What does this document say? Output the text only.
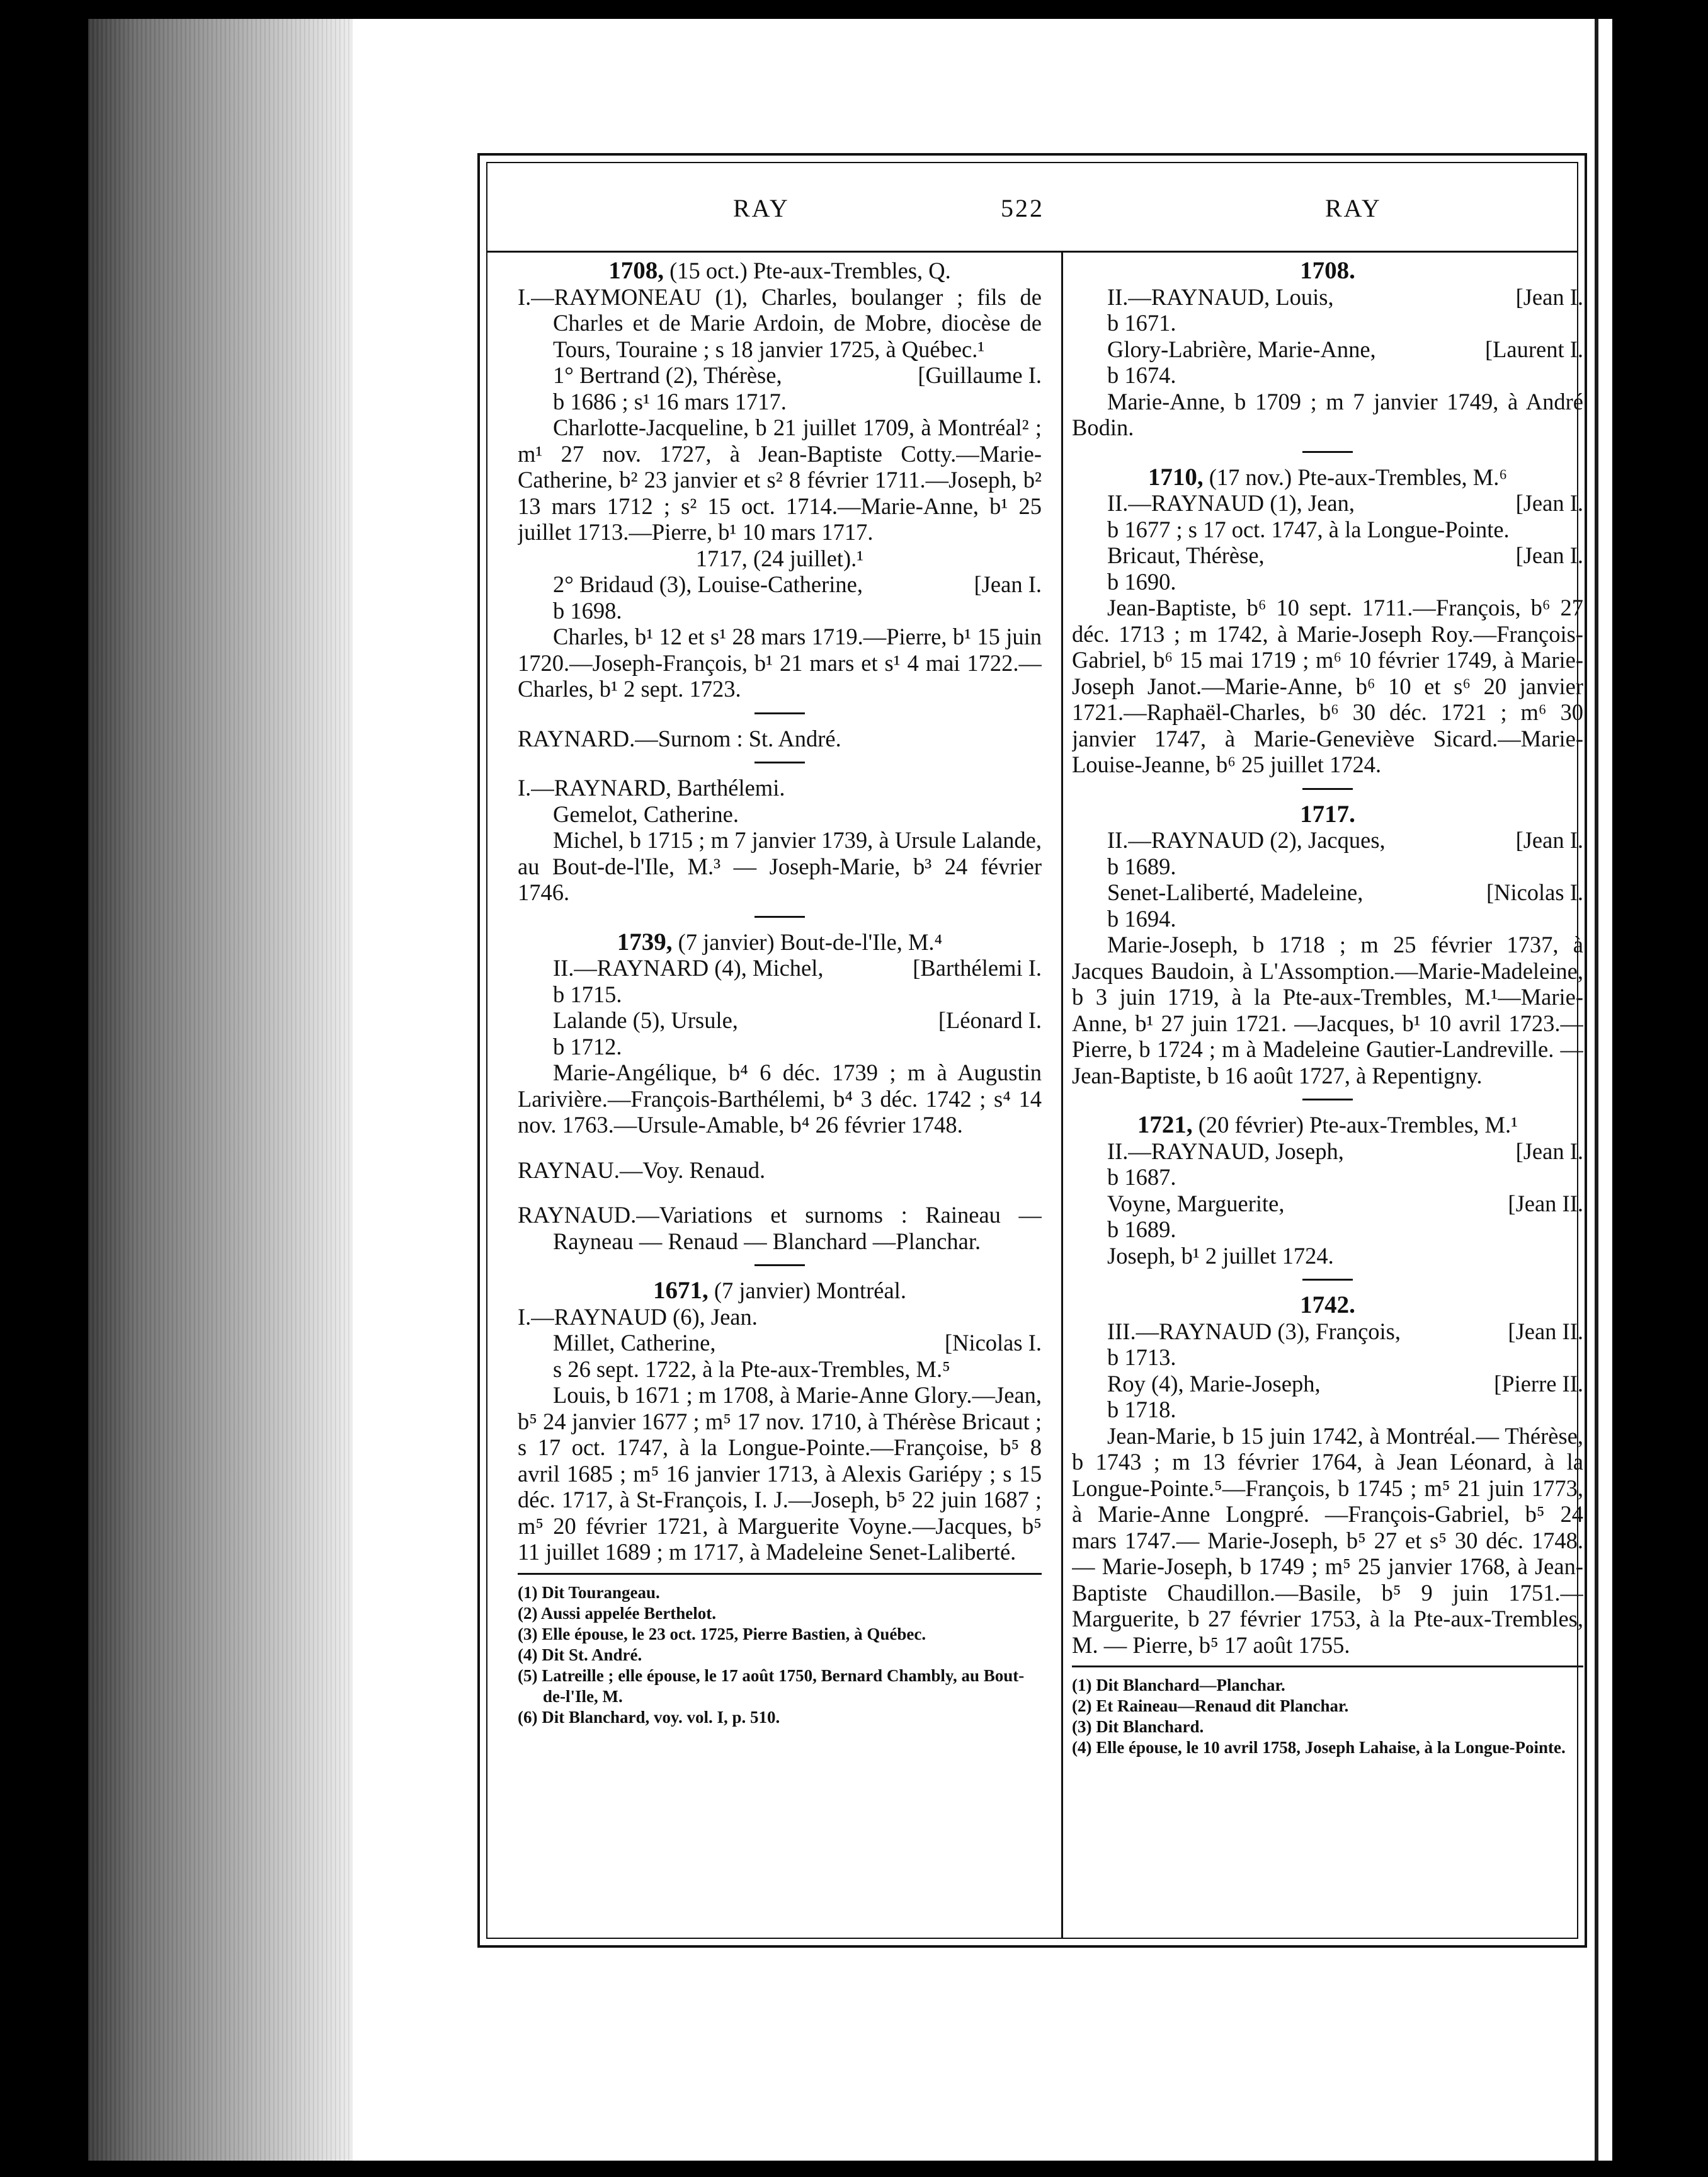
RAY	522	RAY

1708, (15 oct.) Pte-aux-Trembles, Q.

I.—RAYMONEAU (1), Charles, boulanger ; fils de Charles et de Marie Ardoin, de Mobre, diocèse de Tours, Touraine ; s 18 janvier 1725, à Québec.¹

[Guillaume I.
1° Bertrand (2), Thérèse,

b 1686 ; s¹ 16 mars 1717.

Charlotte-Jacqueline, b 21 juillet 1709, à Montréal² ; m¹ 27 nov. 1727, à Jean-Baptiste Cotty.—Marie-Catherine, b² 23 janvier et s² 8 février 1711.—Joseph, b² 13 mars 1712 ; s² 15 oct. 1714.—Marie-Anne, b¹ 25 juillet 1713.—Pierre, b¹ 10 mars 1717.

1717, (24 juillet).¹

[Jean I.
2° Bridaud (3), Louise-Catherine,

b 1698.

Charles, b¹ 12 et s¹ 28 mars 1719.—Pierre, b¹ 15 juin 1720.—Joseph-François, b¹ 21 mars et s¹ 4 mai 1722.—Charles, b¹ 2 sept. 1723.

RAYNARD.—Surnom : St. André.

I.—RAYNARD, Barthélemi.

Gemelot, Catherine.

Michel, b 1715 ; m 7 janvier 1739, à Ursule Lalande, au Bout-de-l'Ile, M.³ — Joseph-Marie, b³ 24 février 1746.

1739, (7 janvier) Bout-de-l'Ile, M.⁴

[Barthélemi I.
II.—RAYNARD (4), Michel,

b 1715.

[Léonard I.
Lalande (5), Ursule,

b 1712.

Marie-Angélique, b⁴ 6 déc. 1739 ; m à Augustin Larivière.—François-Barthélemi, b⁴ 3 déc. 1742 ; s⁴ 14 nov. 1763.—Ursule-Amable, b⁴ 26 février 1748.

RAYNAU.—Voy. Renaud.

RAYNAUD.—Variations et surnoms : Raineau —Rayneau — Renaud — Blanchard —Planchar.

1671, (7 janvier) Montréal.

I.—RAYNAUD (6), Jean.

[Nicolas I.
Millet, Catherine,

s 26 sept. 1722, à la Pte-aux-Trembles, M.⁵

Louis, b 1671 ; m 1708, à Marie-Anne Glory.—Jean, b⁵ 24 janvier 1677 ; m⁵ 17 nov. 1710, à Thérèse Bricaut ; s 17 oct. 1747, à la Longue-Pointe.—Françoise, b⁵ 8 avril 1685 ; m⁵ 16 janvier 1713, à Alexis Gariépy ; s 15 déc. 1717, à St-François, I. J.—Joseph, b⁵ 22 juin 1687 ; m⁵ 20 février 1721, à Marguerite Voyne.—Jacques, b⁵ 11 juillet 1689 ; m 1717, à Madeleine Senet-Laliberté.

(1) Dit Tourangeau.

(2) Aussi appelée Berthelot.

(3) Elle épouse, le 23 oct. 1725, Pierre Bastien, à Québec.

(4) Dit St. André.

(5) Latreille ; elle épouse, le 17 août 1750, Bernard Chambly, au Bout-de-l'Ile, M.

(6) Dit Blanchard, voy. vol. I, p. 510.

1708.

[Jean I.
II.—RAYNAUD, Louis,

b 1671.

[Laurent I.
Glory-Labrière, Marie-Anne,

b 1674.

Marie-Anne, b 1709 ; m 7 janvier 1749, à André Bodin.

1710, (17 nov.) Pte-aux-Trembles, M.⁶

[Jean I.
II.—RAYNAUD (1), Jean,

b 1677 ; s 17 oct. 1747, à la Longue-Pointe.

[Jean I.
Bricaut, Thérèse,

b 1690.

Jean-Baptiste, b⁶ 10 sept. 1711.—François, b⁶ 27 déc. 1713 ; m 1742, à Marie-Joseph Roy.—François-Gabriel, b⁶ 15 mai 1719 ; m⁶ 10 février 1749, à Marie-Joseph Janot.—Marie-Anne, b⁶ 10 et s⁶ 20 janvier 1721.—Raphaël-Charles, b⁶ 30 déc. 1721 ; m⁶ 30 janvier 1747, à Marie-Geneviève Sicard.—Marie-Louise-Jeanne, b⁶ 25 juillet 1724.

1717.

[Jean I.
II.—RAYNAUD (2), Jacques,

b 1689.

[Nicolas I.
Senet-Laliberté, Madeleine,

b 1694.

Marie-Joseph, b 1718 ; m 25 février 1737, à Jacques Baudoin, à L'Assomption.—Marie-Madeleine, b 3 juin 1719, à la Pte-aux-Trembles, M.¹—Marie-Anne, b¹ 27 juin 1721. —Jacques, b¹ 10 avril 1723.—Pierre, b 1724 ; m à Madeleine Gautier-Landreville. — Jean-Baptiste, b 16 août 1727, à Repentigny.

1721, (20 février) Pte-aux-Trembles, M.¹

[Jean I.
II.—RAYNAUD, Joseph,

b 1687.

[Jean II.
Voyne, Marguerite,

b 1689.

Joseph, b¹ 2 juillet 1724.

1742.

[Jean II.
III.—RAYNAUD (3), François,

b 1713.

[Pierre II.
Roy (4), Marie-Joseph,

b 1718.

Jean-Marie, b 15 juin 1742, à Montréal.— Thérèse, b 1743 ; m 13 février 1764, à Jean Léonard, à la Longue-Pointe.⁵—François, b 1745 ; m⁵ 21 juin 1773, à Marie-Anne Longpré. —François-Gabriel, b⁵ 24 mars 1747.— Marie-Joseph, b⁵ 27 et s⁵ 30 déc. 1748. — Marie-Joseph, b 1749 ; m⁵ 25 janvier 1768, à Jean-Baptiste Chaudillon.—Basile, b⁵ 9 juin 1751.—Marguerite, b 27 février 1753, à la Pte-aux-Trembles, M. — Pierre, b⁵ 17 août 1755.

(1) Dit Blanchard—Planchar.

(2) Et Raineau—Renaud dit Planchar.

(3) Dit Blanchard.

(4) Elle épouse, le 10 avril 1758, Joseph Lahaise, à la Longue-Pointe.
